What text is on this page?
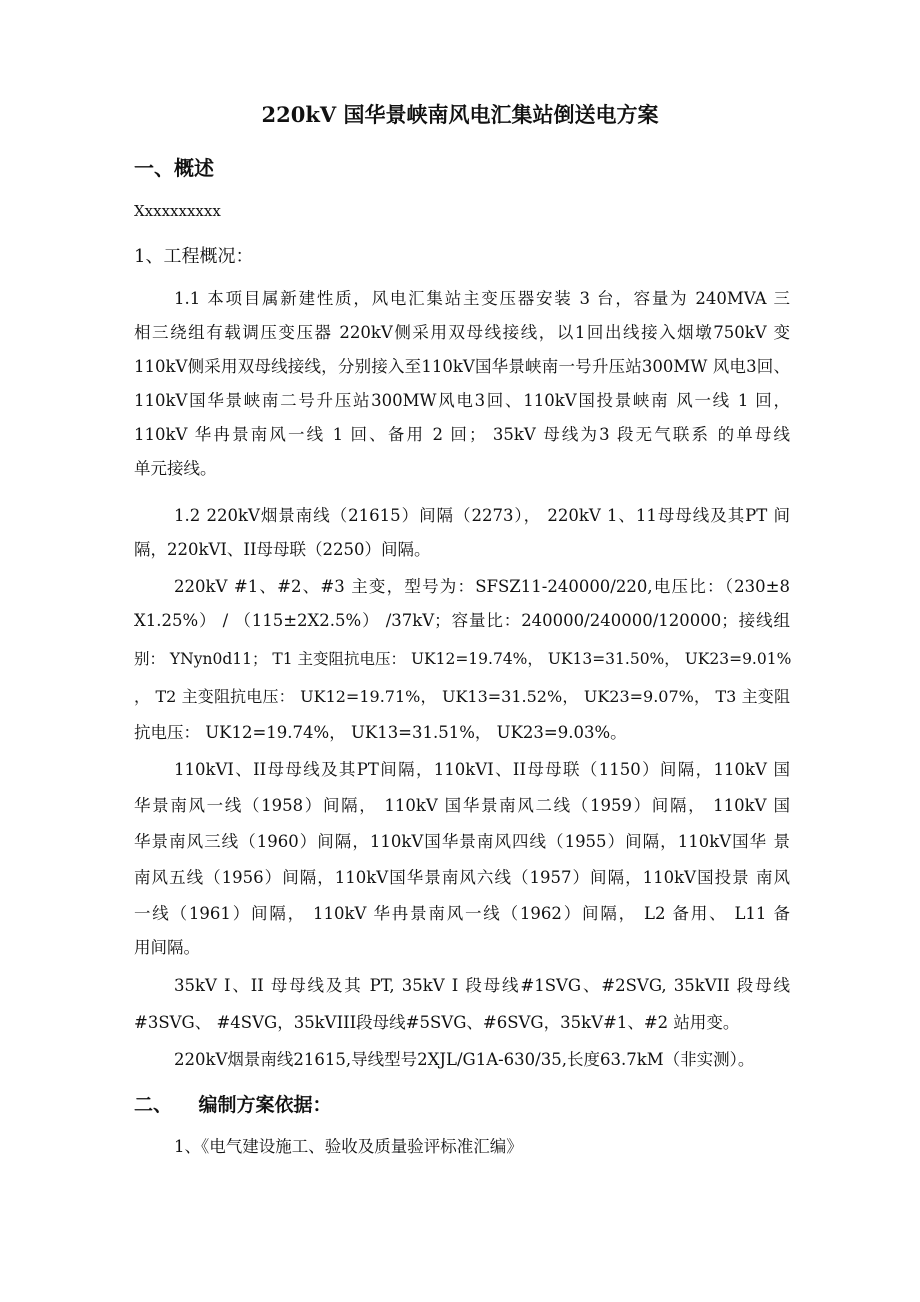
220kV 国华景峡南风电汇集站倒送电方案
一、概述
Xxxxxxxxxx
1、工程概况：
1.1 本项目属新建性质，风电汇集站主变压器安装 3 台，容量为 240MVA 三
相三绕组有载调压变压器 220kV侧采用双母线接线，以1回出线接入烟墩750kV 变
110kV侧采用双母线接线，分别接入至110kV国华景峡南一号升压站300MW 风电3回、
110kV国华景峡南二号升压站300MW风电3回、110kV国投景峡南 风一线 1 回，
110kV 华冉景南风一线 1 回、备用 2 回； 35kV 母线为3 段无气联系 的单母线
单元接线。
1.2 220kV烟景南线（21615）间隔（2273）， 220kV 1、11母母线及其PT 间
隔，220kVI、II母母联（2250）间隔。
220kV #1、#2、#3 主变，型号为：SFSZ11-240000/220,电压比：（230±8
X1.25%） / （115±2X2.5%） /37kV；容量比：240000/240000/120000；接线组
别： YNyn0d11； T1 主变阻抗电压： UK12=19.74%， UK13=31.50%， UK23=9.01%
， T2 主变阻抗电压： UK12=19.71%， UK13=31.52%， UK23=9.07%， T3 主变阻
抗电压： UK12=19.74%， UK13=31.51%， UK23=9.03%。
110kVI、II母母线及其PT间隔，110kVI、II母母联（1150）间隔，110kV 国
华景南风一线（1958）间隔， 110kV 国华景南风二线（1959）间隔， 110kV 国
华景南风三线（1960）间隔，110kV国华景南风四线（1955）间隔，110kV国华 景
南风五线（1956）间隔，110kV国华景南风六线（1957）间隔，110kV国投景 南风
一线（1961）间隔， 110kV 华冉景南风一线（1962）间隔， L2 备用、 L11 备
用间隔。
35kV I、II 母母线及其 PT, 35kV I 段母线#1SVG、#2SVG, 35kVII 段母线
#3SVG、 #4SVG，35kVIII段母线#5SVG、#6SVG，35kV#1、#2 站用变。
220kV烟景南线21615,导线型号2XJL/G1A-630/35,长度63.7kM（非实测）。
二、    编制方案依据：
1、《电气建设施工、验收及质量验评标准汇编》
